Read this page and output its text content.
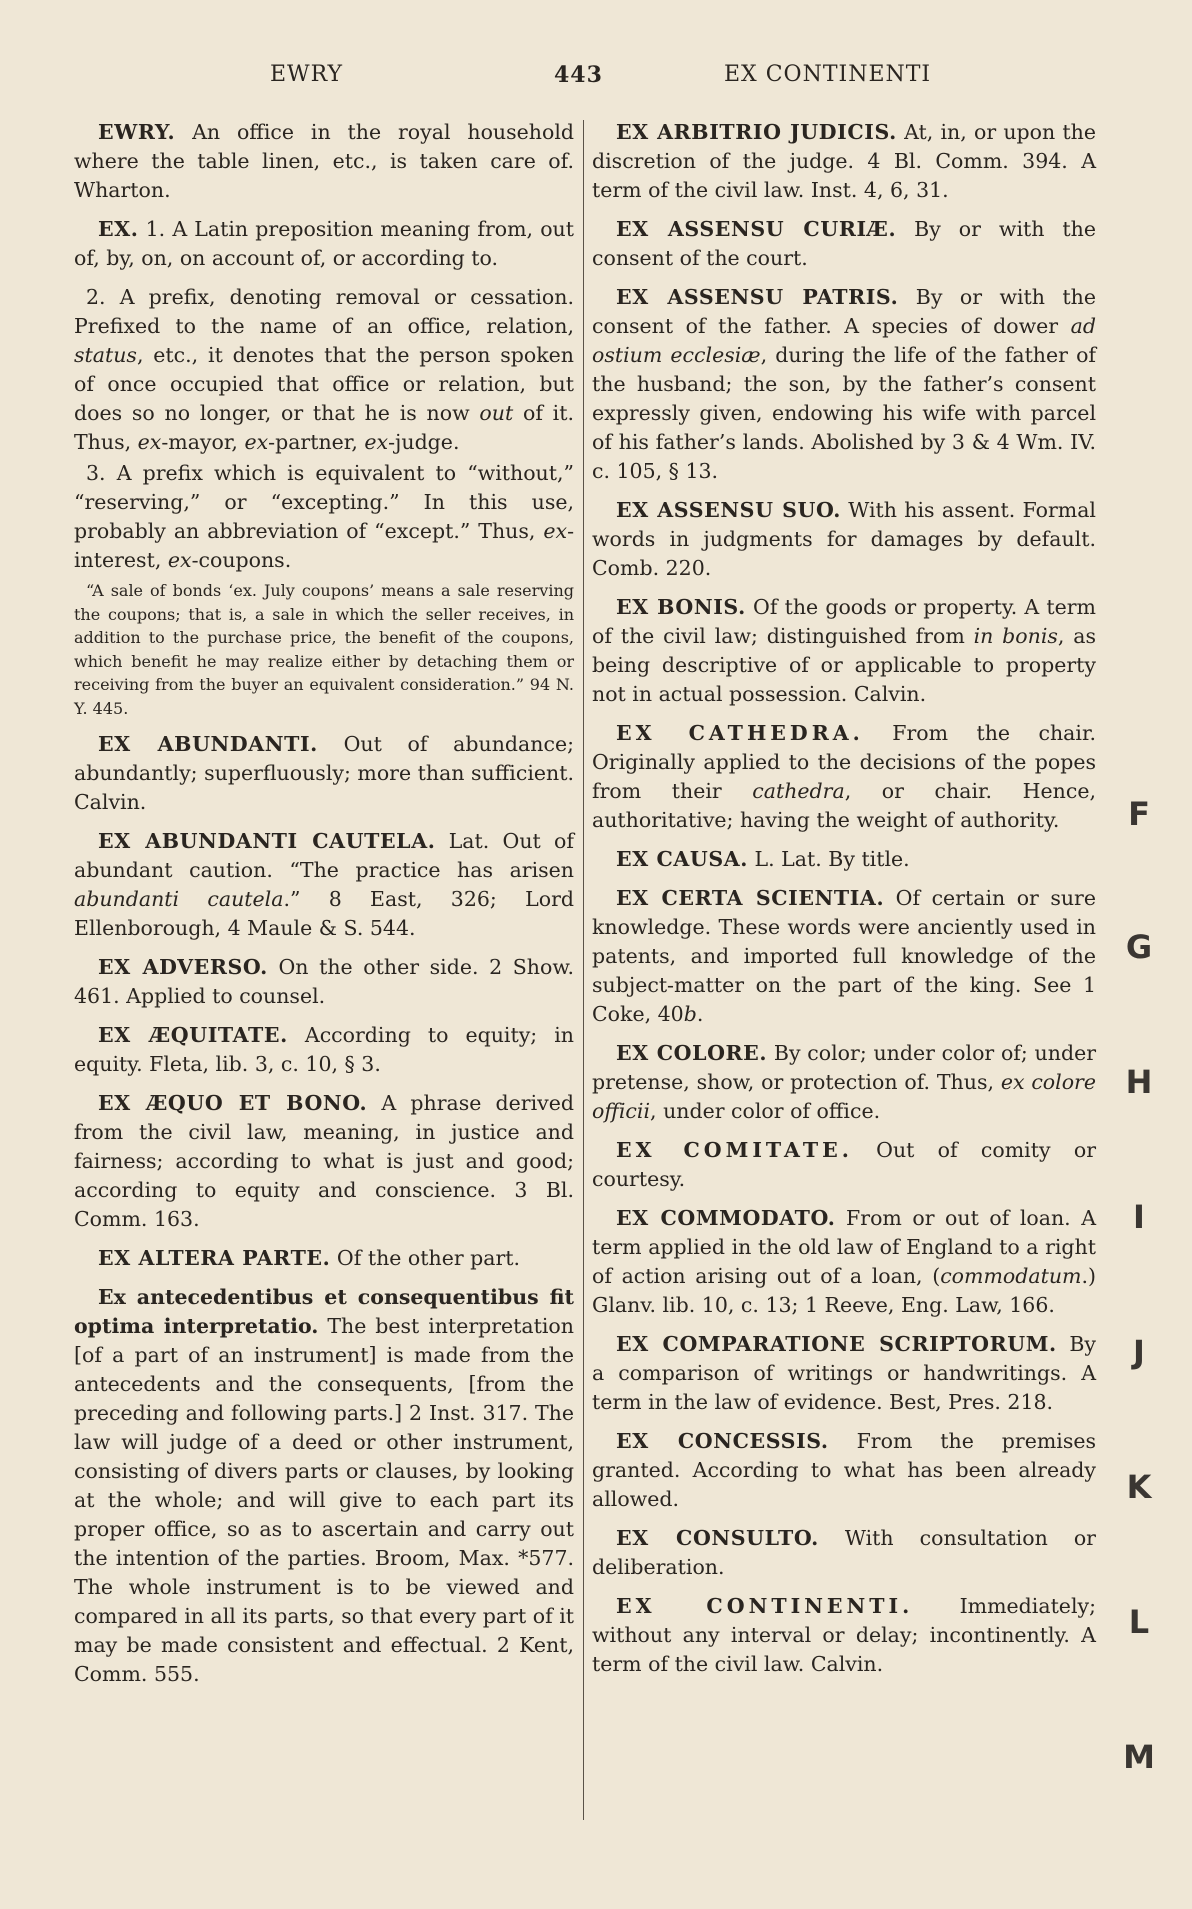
EWRY	443	EX CONTINENTI

EWRY. An office in the royal household where the table linen, etc., is taken care of. Wharton.

EX. 1. A Latin preposition meaning from, out of, by, on, on account of, or according to.

2. A prefix, denoting removal or cessation. Prefixed to the name of an office, relation, status, etc., it denotes that the person spoken of once occupied that office or relation, but does so no longer, or that he is now out of it. Thus, ex-mayor, ex-partner, ex-judge.

3. A prefix which is equivalent to “without,” “reserving,” or “excepting.” In this use, probably an abbreviation of “except.” Thus, ex-interest, ex-coupons.

“A sale of bonds ‘ex. July coupons’ means a sale reserving the coupons; that is, a sale in which the seller receives, in addition to the purchase price, the benefit of the coupons, which benefit he may realize either by detaching them or receiving from the buyer an equivalent consideration.” 94 N. Y. 445.

EX ABUNDANTI. Out of abundance; abundantly; superfluously; more than sufficient. Calvin.

EX ABUNDANTI CAUTELA. Lat. Out of abundant caution. “The practice has arisen abundanti cautela.” 8 East, 326; Lord Ellenborough, 4 Maule & S. 544.

EX ADVERSO. On the other side. 2 Show. 461. Applied to counsel.

EX ÆQUITATE. According to equity; in equity. Fleta, lib. 3, c. 10, § 3.

EX ÆQUO ET BONO. A phrase derived from the civil law, meaning, in justice and fairness; according to what is just and good; according to equity and conscience. 3 Bl. Comm. 163.

EX ALTERA PARTE. Of the other part.

Ex antecedentibus et consequentibus fit optima interpretatio. The best interpretation [of a part of an instrument] is made from the antecedents and the consequents, [from the preceding and following parts.] 2 Inst. 317. The law will judge of a deed or other instrument, consisting of divers parts or clauses, by looking at the whole; and will give to each part its proper office, so as to ascertain and carry out the intention of the parties. Broom, Max. *577. The whole instrument is to be viewed and compared in all its parts, so that every part of it may be made consistent and effectual. 2 Kent, Comm. 555.

EX ARBITRIO JUDICIS. At, in, or upon the discretion of the judge. 4 Bl. Comm. 394. A term of the civil law. Inst. 4, 6, 31.

EX ASSENSU CURIÆ. By or with the consent of the court.

EX ASSENSU PATRIS. By or with the consent of the father. A species of dower ad ostium ecclesiæ, during the life of the father of the husband; the son, by the father’s consent expressly given, endowing his wife with parcel of his father’s lands. Abolished by 3 & 4 Wm. IV. c. 105, § 13.

EX ASSENSU SUO. With his assent. Formal words in judgments for damages by default. Comb. 220.

EX BONIS. Of the goods or property. A term of the civil law; distinguished from in bonis, as being descriptive of or applicable to property not in actual possession. Calvin.

EX CATHEDRA. From the chair. Originally applied to the decisions of the popes from their cathedra, or chair. Hence, authoritative; having the weight of authority.

EX CAUSA. L. Lat. By title.

EX CERTA SCIENTIA. Of certain or sure knowledge. These words were anciently used in patents, and imported full knowledge of the subject-matter on the part of the king. See 1 Coke, 40b.

EX COLORE. By color; under color of; under pretense, show, or protection of. Thus, ex colore officii, under color of office.

EX COMITATE. Out of comity or courtesy.

EX COMMODATO. From or out of loan. A term applied in the old law of England to a right of action arising out of a loan, (commodatum.) Glanv. lib. 10, c. 13; 1 Reeve, Eng. Law, 166.

EX COMPARATIONE SCRIPTORUM. By a comparison of writings or handwritings. A term in the law of evidence. Best, Pres. 218.

EX CONCESSIS. From the premises granted. According to what has been already allowed.

EX CONSULTO. With consultation or deliberation.

EX CONTINENTI. Immediately; without any interval or delay; incontinently. A term of the civil law. Calvin.

F
G
H
I
J
K
L
M
